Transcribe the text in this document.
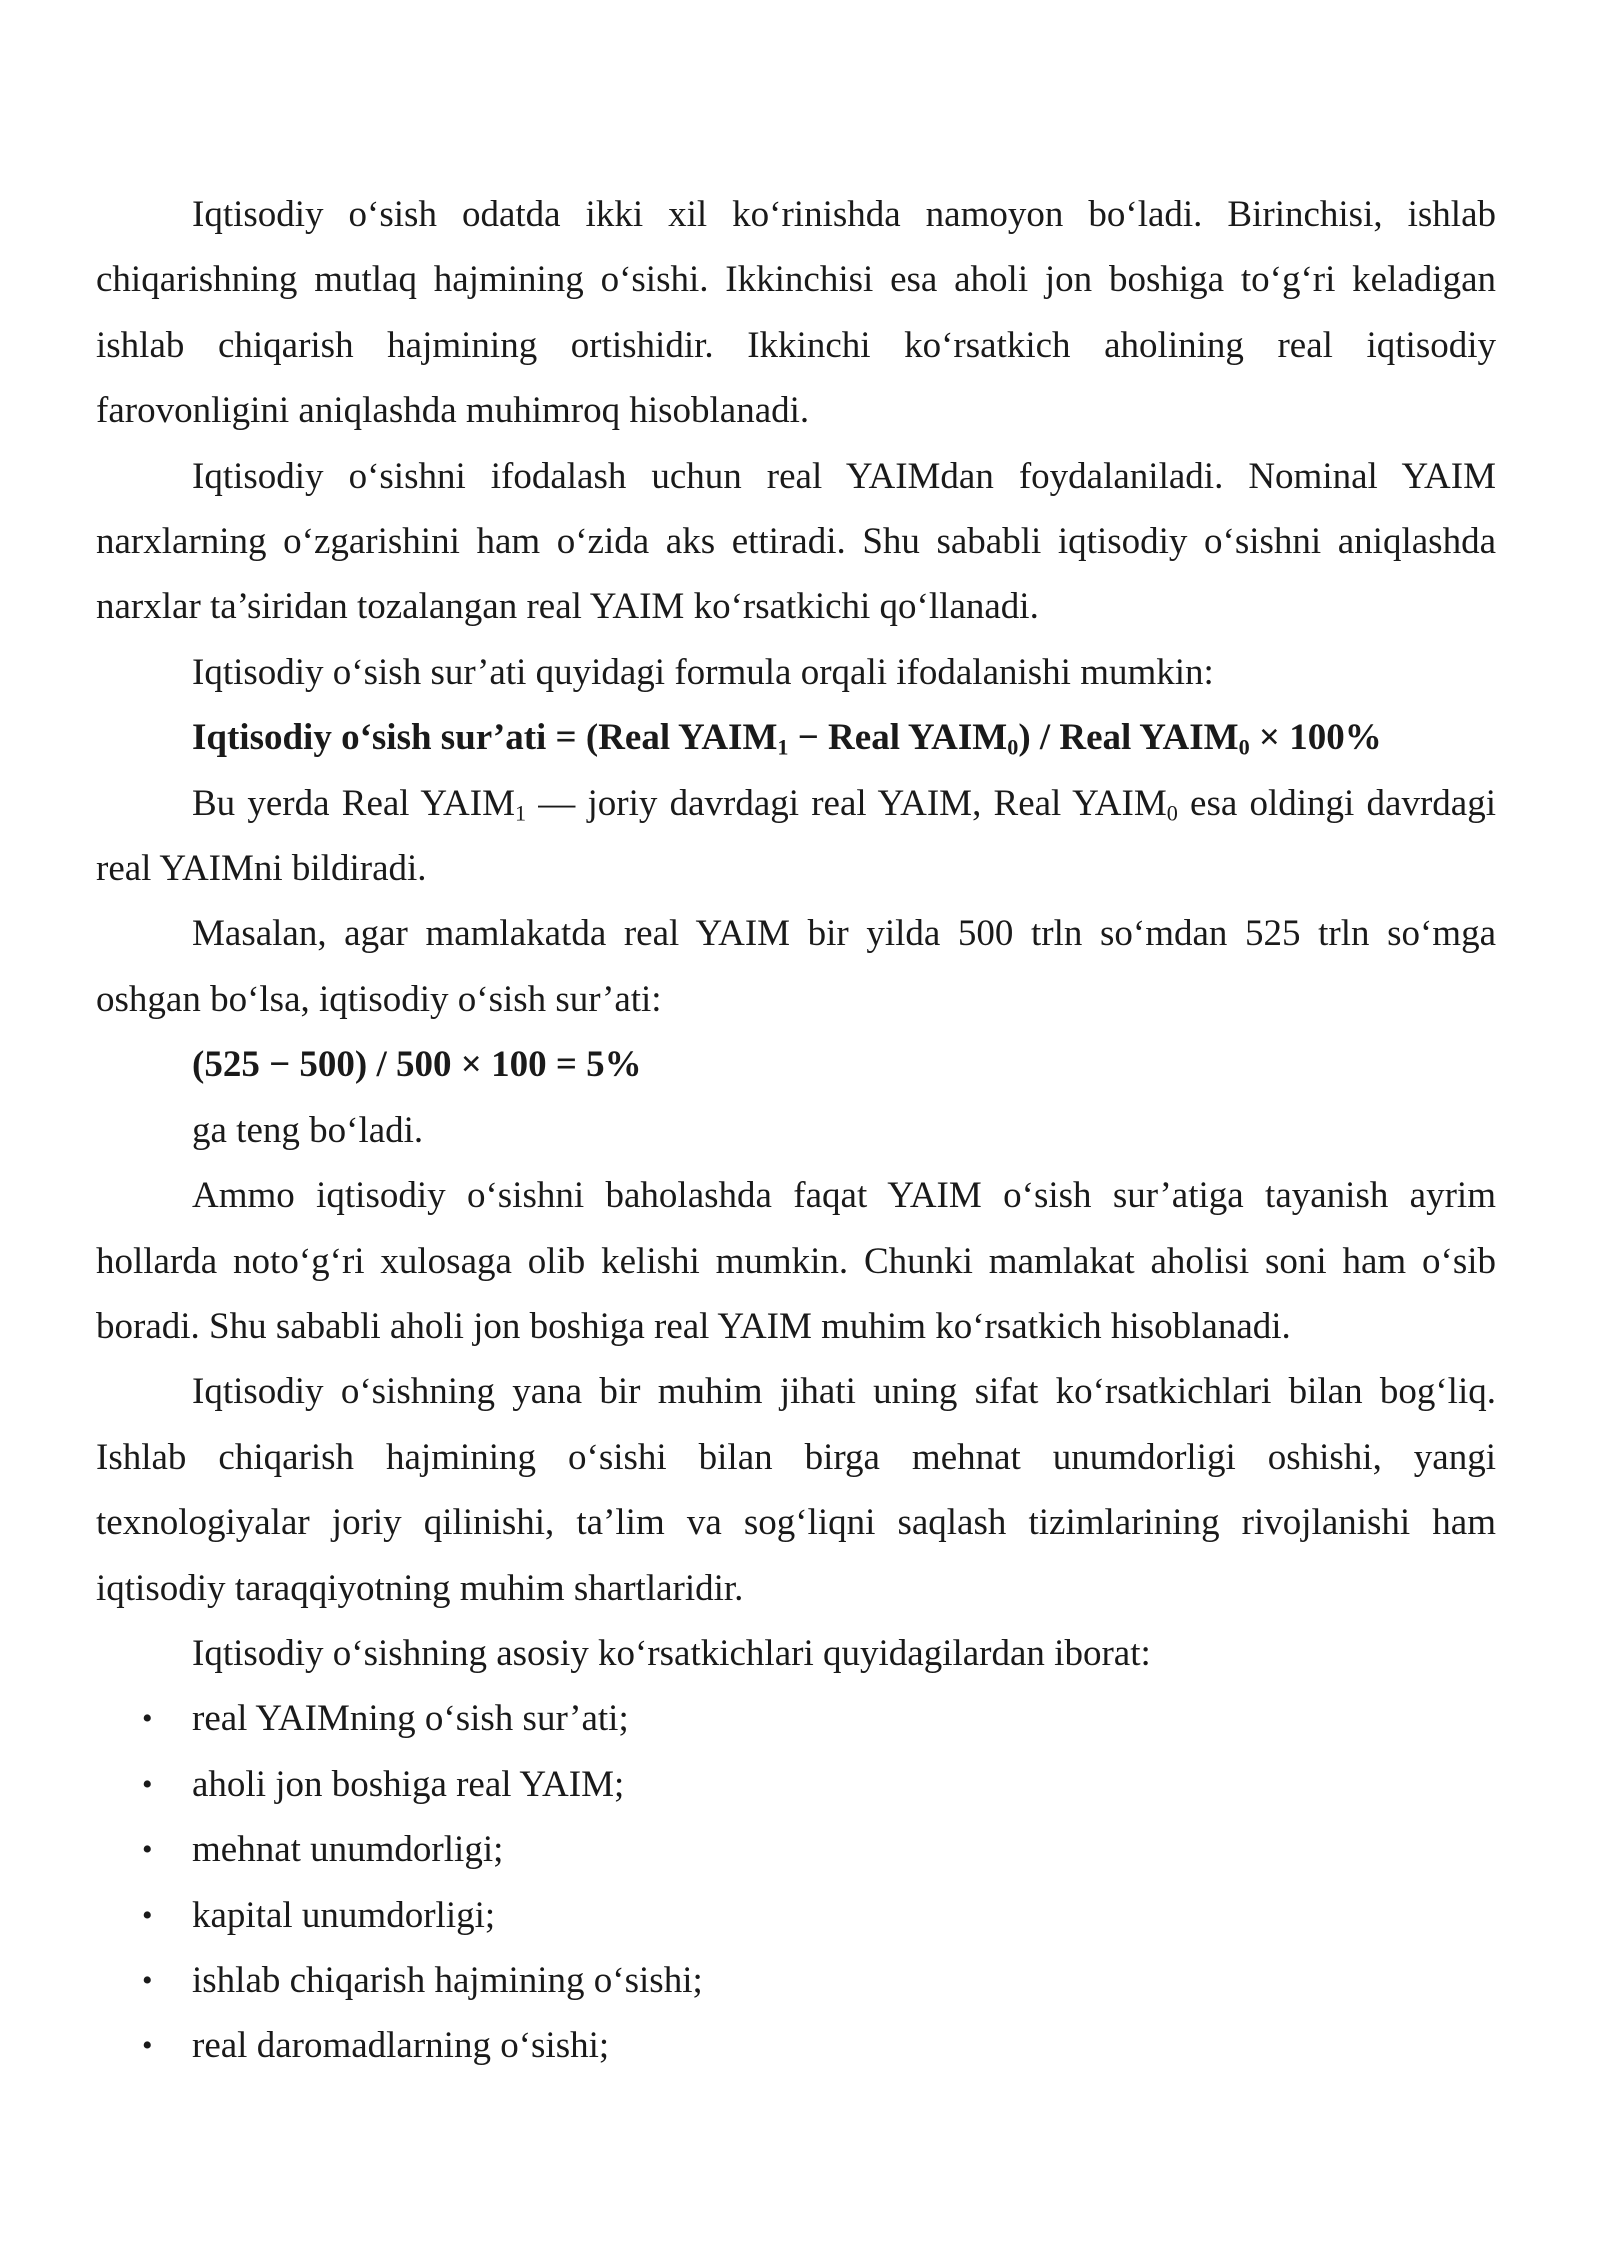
Iqtisodiy o‘sish odatda ikki xil ko‘rinishda namoyon bo‘ladi. Birinchisi, ishlab chiqarishning mutlaq hajmining o‘sishi. Ikkinchisi esa aholi jon boshiga to‘g‘ri keladigan ishlab chiqarish hajmining ortishidir. Ikkinchi ko‘rsatkich aholining real iqtisodiy farovonligini aniqlashda muhimroq hisoblanadi.

Iqtisodiy o‘sishni ifodalash uchun real YAIMdan foydalaniladi. Nominal YAIM narxlarning o‘zgarishini ham o‘zida aks ettiradi. Shu sababli iqtisodiy o‘sishni aniqlashda narxlar ta’siridan tozalangan real YAIM ko‘rsatkichi qo‘llanadi.

Iqtisodiy o‘sish sur’ati quyidagi formula orqali ifodalanishi mumkin:

Iqtisodiy o‘sish sur’ati = (Real $YAIM_1$ − Real $YAIM_0$) / Real $YAIM_0 \times 100\%$

Bu yerda Real $YAIM_1$ — joriy davrdagi real YAIM, Real $YAIM_0$ esa oldingi davrdagi real YAIMni bildiradi.

Masalan, agar mamlakatda real YAIM bir yilda 500 trln so‘mdan 525 trln so‘mga oshgan bo‘lsa, iqtisodiy o‘sish sur’ati:

(525 − 500) / 500 × 100 = 5%

ga teng bo‘ladi.

Ammo iqtisodiy o‘sishni baholashda faqat YAIM o‘sish sur’atiga tayanish ayrim hollarda noto‘g‘ri xulosaga olib kelishi mumkin. Chunki mamlakat aholisi soni ham o‘sib boradi. Shu sababli aholi jon boshiga real YAIM muhim ko‘rsatkich hisoblanadi.

Iqtisodiy o‘sishning yana bir muhim jihati uning sifat ko‘rsatkichlari bilan bog‘liq. Ishlab chiqarish hajmining o‘sishi bilan birga mehnat unumdorligi oshishi, yangi texnologiyalar joriy qilinishi, ta’lim va sog‘liqni saqlash tizimlarining rivojlanishi ham iqtisodiy taraqqiyotning muhim shartlaridir.

Iqtisodiy o‘sishning asosiy ko‘rsatkichlari quyidagilardan iborat:

• real YAIMning o‘sish sur’ati;
• aholi jon boshiga real YAIM;
• mehnat unumdorligi;
• kapital unumdorligi;
• ishlab chiqarish hajmining o‘sishi;
• real daromadlarning o‘sishi;
